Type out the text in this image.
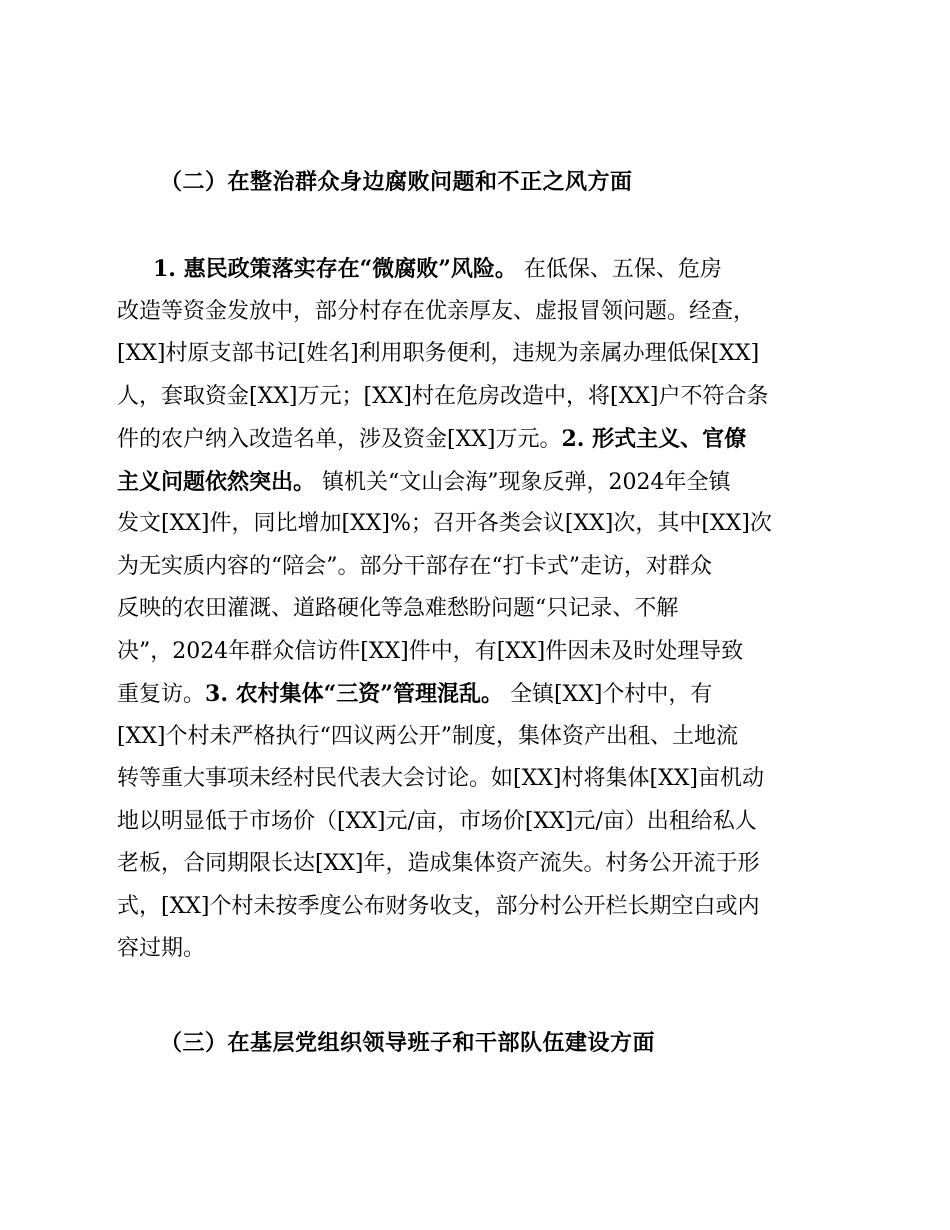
（二）在整治群众身边腐败问题和不正之风方面
1. 惠民政策落实存在“微腐败”风险。 在低保、五保、危房
改造等资金发放中，部分村存在优亲厚友、虚报冒领问题。经查，
[XX]村原支部书记[姓名]利用职务便利，违规为亲属办理低保[XX]
人，套取资金[XX]万元；[XX]村在危房改造中，将[XX]户不符合条
件的农户纳入改造名单，涉及资金[XX]万元。2. 形式主义、官僚
主义问题依然突出。 镇机关“文山会海”现象反弹，2024年全镇
发文[XX]件，同比增加[XX]%；召开各类会议[XX]次，其中[XX]次
为无实质内容的“陪会”。部分干部存在“打卡式”走访，对群众
反映的农田灌溉、道路硬化等急难愁盼问题“只记录、不解
决”，2024年群众信访件[XX]件中，有[XX]件因未及时处理导致
重复访。3. 农村集体“三资”管理混乱。 全镇[XX]个村中，有
[XX]个村未严格执行“四议两公开”制度，集体资产出租、土地流
转等重大事项未经村民代表大会讨论。如[XX]村将集体[XX]亩机动
地以明显低于市场价（[XX]元/亩，市场价[XX]元/亩）出租给私人
老板，合同期限长达[XX]年，造成集体资产流失。村务公开流于形
式，[XX]个村未按季度公布财务收支，部分村公开栏长期空白或内
容过期。
（三）在基层党组织领导班子和干部队伍建设方面
